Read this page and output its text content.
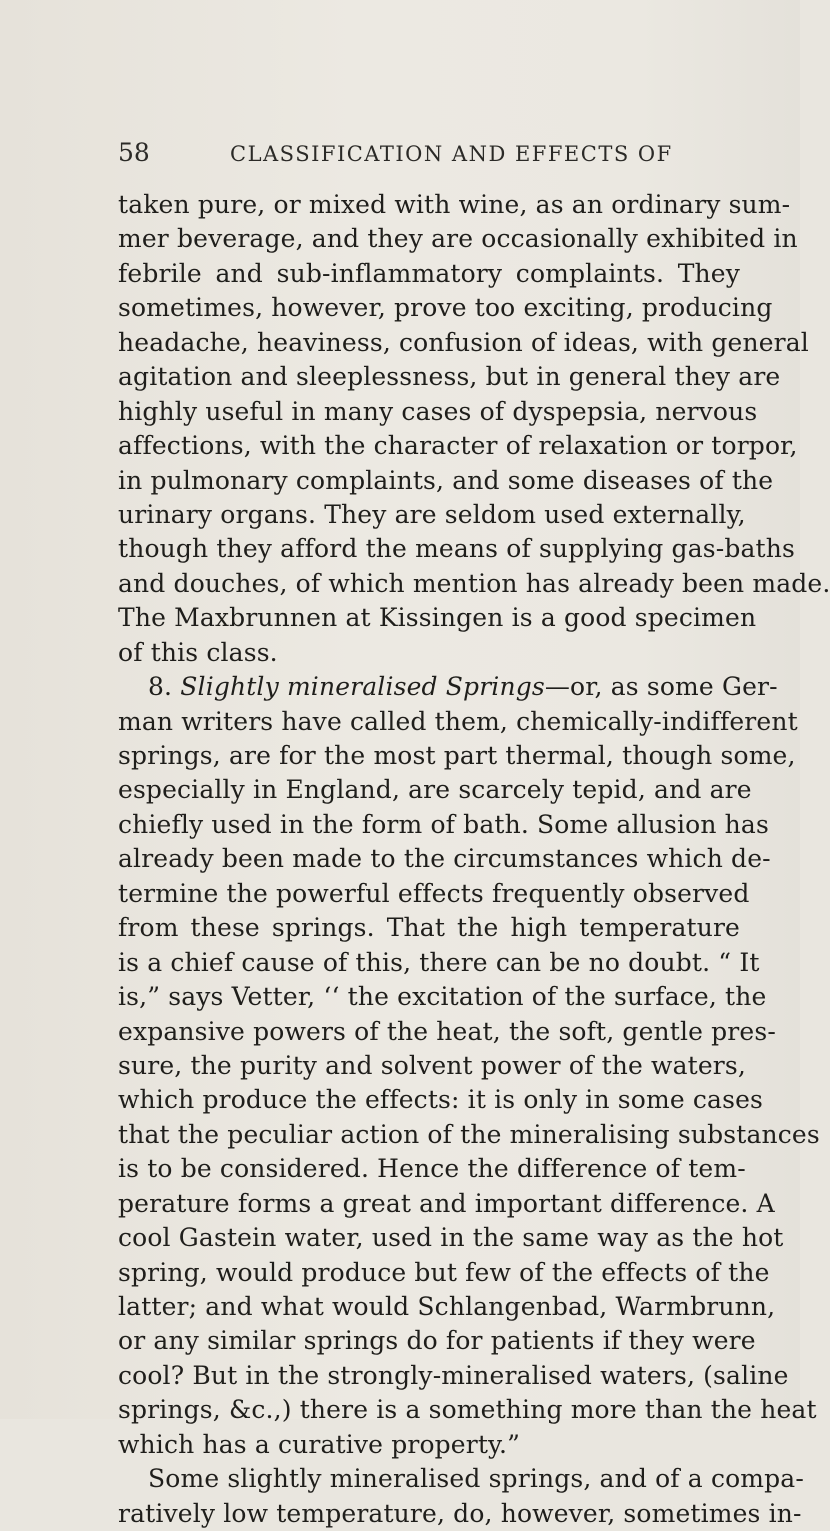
58	CLASSIFICATION AND EFFECTS OF
taken pure, or mixed with wine, as an ordinary sum-
mer beverage, and they are occasionally exhibited in
febrile and sub-inflammatory complaints. They
sometimes, however, prove too exciting, producing
headache, heaviness, confusion of ideas, with general
agitation and sleeplessness, but in general they are
highly useful in many cases of dyspepsia, nervous
affections, with the character of relaxation or torpor,
in pulmonary complaints, and some diseases of the
urinary organs. They are seldom used externally,
though they afford the means of supplying gas-baths
and douches, of which mention has already been made.
The Maxbrunnen at Kissingen is a good specimen
of this class.
8. Slightly mineralised Springs—or, as some Ger-
man writers have called them, chemically-indifferent
springs, are for the most part thermal, though some,
especially in England, are scarcely tepid, and are
chiefly used in the form of bath. Some allusion has
already been made to the circumstances which de-
termine the powerful effects frequently observed
from these springs. That the high temperature
is a chief cause of this, there can be no doubt. “ It
is,” says Vetter, ‘‘ the excitation of the surface, the
expansive powers of the heat, the soft, gentle pres-
sure, the purity and solvent power of the waters,
which produce the effects: it is only in some cases
that the peculiar action of the mineralising substances
is to be considered. Hence the difference of tem-
perature forms a great and important difference. A
cool Gastein water, used in the same way as the hot
spring, would produce but few of the effects of the
latter; and what would Schlangenbad, Warmbrunn,
or any similar springs do for patients if they were
cool? But in the strongly-mineralised waters, (saline
springs, &c.,) there is a something more than the heat
which has a curative property.”
Some slightly mineralised springs, and of a compa-
ratively low temperature, do, however, sometimes in-
